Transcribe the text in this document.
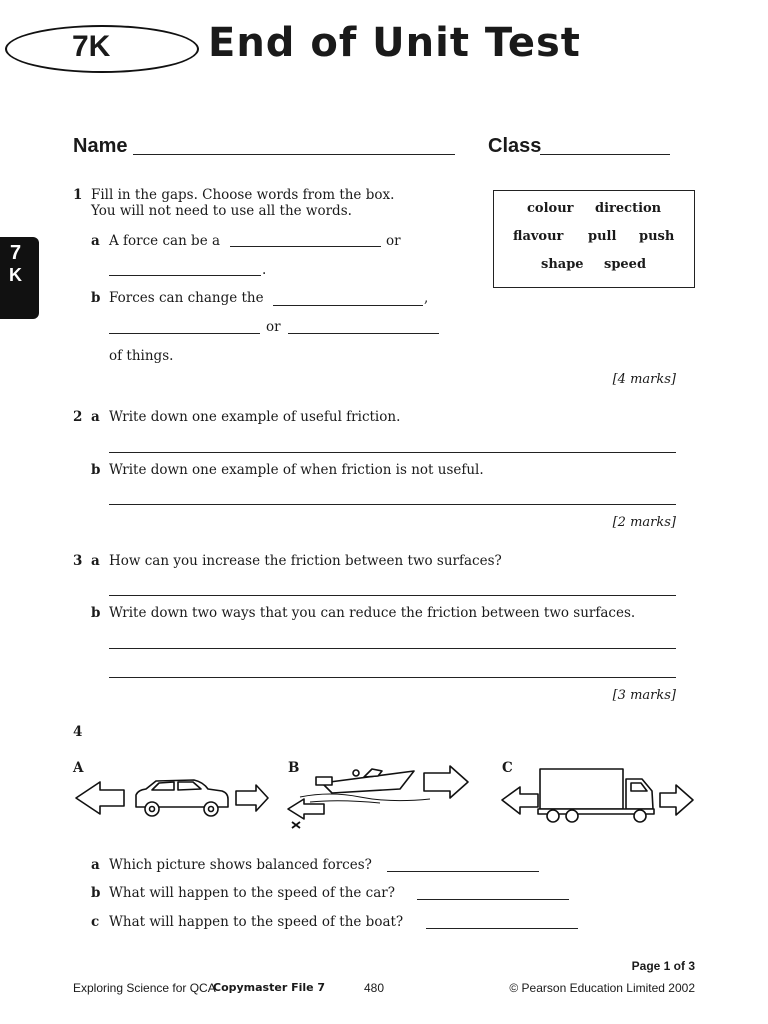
7K End of Unit Test
7
K
Name	Class
1 Fill in the gaps. Choose words from the box.
You will not need to use all the words.	colour direction
flavour pull push
shape speed
a A force can be a	or
.
b Forces can change the	,
or
of things.
[4 marks]
2 a Write down one example of useful friction.
b Write down one example of when friction is not useful.
[2 marks]
3 a How can you increase the friction between two surfaces?
b Write down two ways that you can reduce the friction between two surfaces.
[3 marks]
4
A	B	C
a Which picture shows balanced forces?
b What will happen to the speed of the car?
c What will happen to the speed of the boat?
Page 1 of 3
Exploring Science for QCA
Copymaster File 7	480	© Pearson Education Limited 2002
